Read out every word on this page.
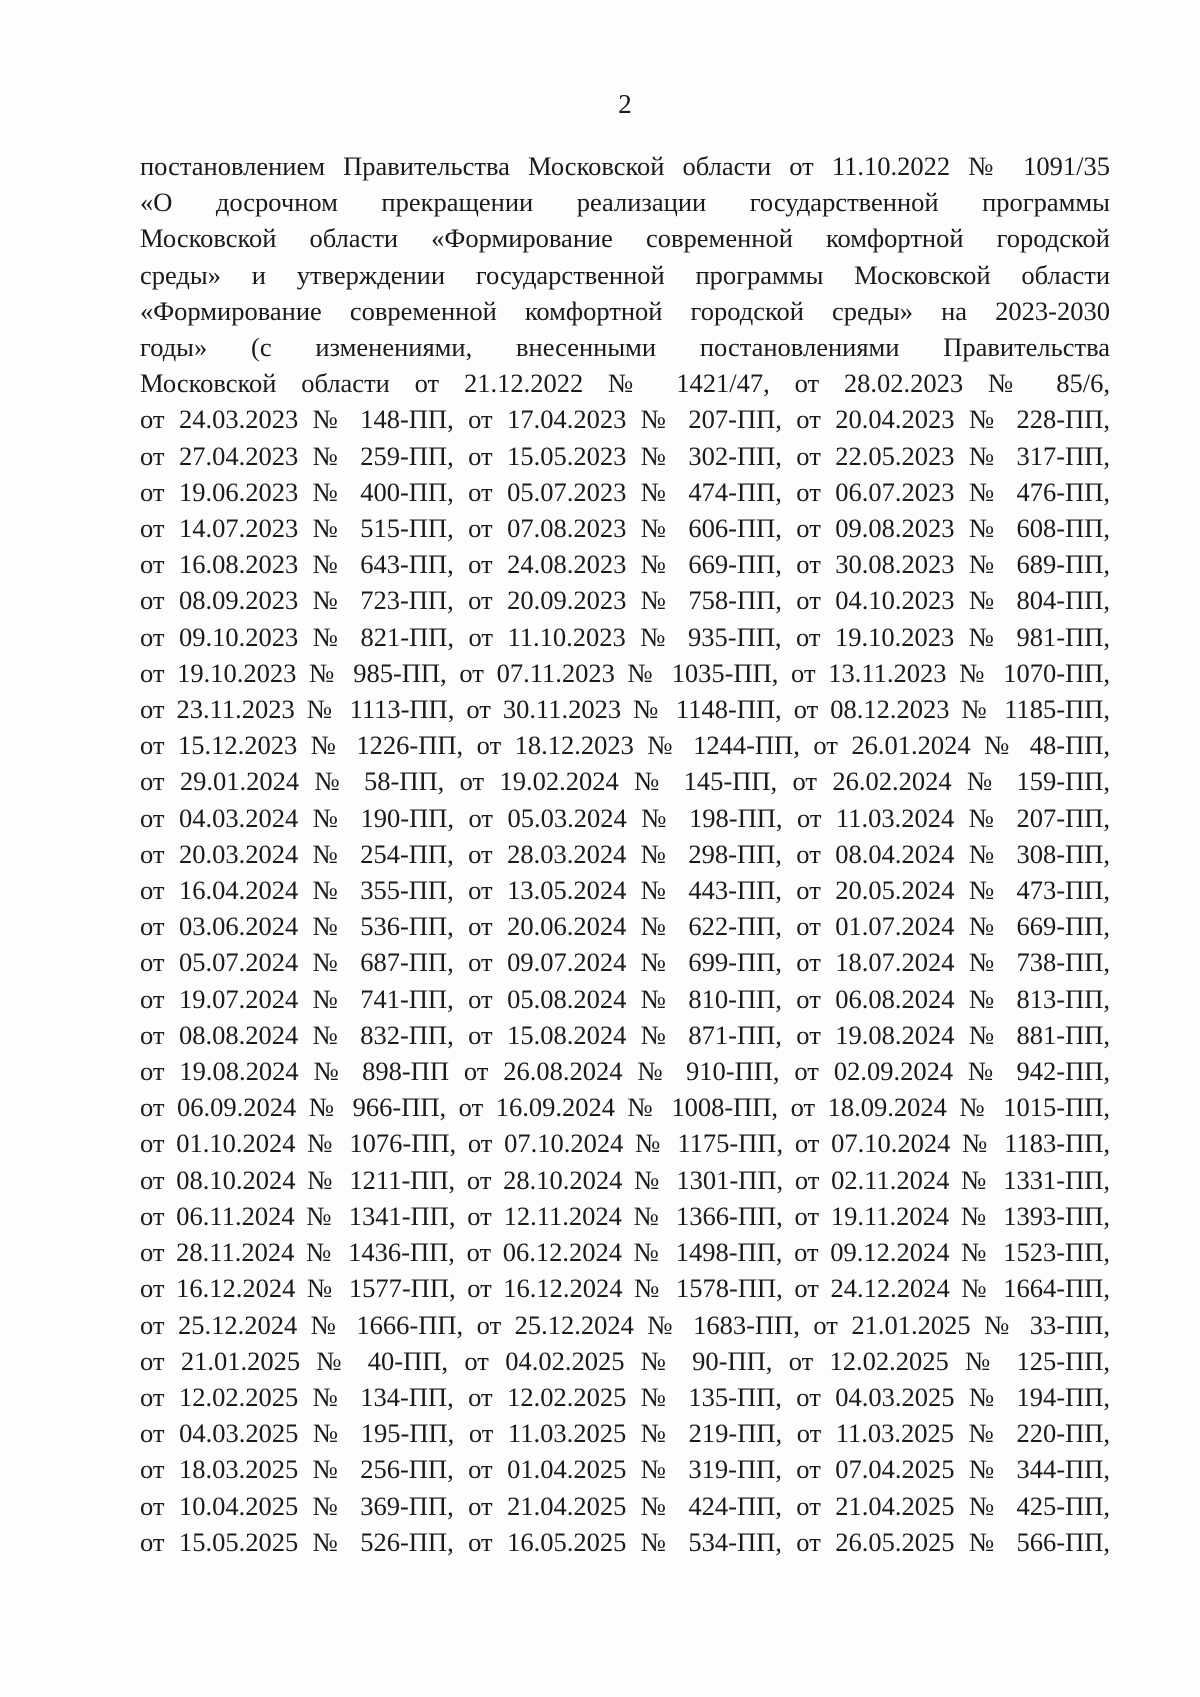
2
постановлением Правительства Московской области от 11.10.2022 № 1091/35
«О досрочном прекращении реализации государственной программы
Московской области «Формирование современной комфортной городской
среды» и утверждении государственной программы Московской области
«Формирование современной комфортной городской среды» на 2023-2030
годы» (с изменениями, внесенными постановлениями Правительства
Московской области от 21.12.2022 № 1421/47, от 28.02.2023 № 85/6,
от 24.03.2023 № 148-ПП, от 17.04.2023 № 207-ПП, от 20.04.2023 № 228-ПП,
от 27.04.2023 № 259-ПП, от 15.05.2023 № 302-ПП, от 22.05.2023 № 317-ПП,
от 19.06.2023 № 400-ПП, от 05.07.2023 № 474-ПП, от 06.07.2023 № 476-ПП,
от 14.07.2023 № 515-ПП, от 07.08.2023 № 606-ПП, от 09.08.2023 № 608-ПП,
от 16.08.2023 № 643-ПП, от 24.08.2023 № 669-ПП, от 30.08.2023 № 689-ПП,
от 08.09.2023 № 723-ПП, от 20.09.2023 № 758-ПП, от 04.10.2023 № 804-ПП,
от 09.10.2023 № 821-ПП, от 11.10.2023 № 935-ПП, от 19.10.2023 № 981-ПП,
от 19.10.2023 № 985-ПП, от 07.11.2023 № 1035-ПП, от 13.11.2023 № 1070-ПП,
от 23.11.2023 № 1113-ПП, от 30.11.2023 № 1148-ПП, от 08.12.2023 № 1185-ПП,
от 15.12.2023 № 1226-ПП, от 18.12.2023 № 1244-ПП, от 26.01.2024 № 48-ПП,
от 29.01.2024 № 58-ПП, от 19.02.2024 № 145-ПП, от 26.02.2024 № 159-ПП,
от 04.03.2024 № 190-ПП, от 05.03.2024 № 198-ПП, от 11.03.2024 № 207-ПП,
от 20.03.2024 № 254-ПП, от 28.03.2024 № 298-ПП, от 08.04.2024 № 308-ПП,
от 16.04.2024 № 355-ПП, от 13.05.2024 № 443-ПП, от 20.05.2024 № 473-ПП,
от 03.06.2024 № 536-ПП, от 20.06.2024 № 622-ПП, от 01.07.2024 № 669-ПП,
от 05.07.2024 № 687-ПП, от 09.07.2024 № 699-ПП, от 18.07.2024 № 738-ПП,
от 19.07.2024 № 741-ПП, от 05.08.2024 № 810-ПП, от 06.08.2024 № 813-ПП,
от 08.08.2024 № 832-ПП, от 15.08.2024 № 871-ПП, от 19.08.2024 № 881-ПП,
от 19.08.2024 № 898-ПП от 26.08.2024 № 910-ПП, от 02.09.2024 № 942-ПП,
от 06.09.2024 № 966-ПП, от 16.09.2024 № 1008-ПП, от 18.09.2024 № 1015-ПП,
от 01.10.2024 № 1076-ПП, от 07.10.2024 № 1175-ПП, от 07.10.2024 № 1183-ПП,
от 08.10.2024 № 1211-ПП, от 28.10.2024 № 1301-ПП, от 02.11.2024 № 1331-ПП,
от 06.11.2024 № 1341-ПП, от 12.11.2024 № 1366-ПП, от 19.11.2024 № 1393-ПП,
от 28.11.2024 № 1436-ПП, от 06.12.2024 № 1498-ПП, от 09.12.2024 № 1523-ПП,
от 16.12.2024 № 1577-ПП, от 16.12.2024 № 1578-ПП, от 24.12.2024 № 1664-ПП,
от 25.12.2024 № 1666-ПП, от 25.12.2024 № 1683-ПП, от 21.01.2025 № 33-ПП,
от 21.01.2025 № 40-ПП, от 04.02.2025 № 90-ПП, от 12.02.2025 № 125-ПП,
от 12.02.2025 № 134-ПП, от 12.02.2025 № 135-ПП, от 04.03.2025 № 194-ПП,
от 04.03.2025 № 195-ПП, от 11.03.2025 № 219-ПП, от 11.03.2025 № 220-ПП,
от 18.03.2025 № 256-ПП, от 01.04.2025 № 319-ПП, от 07.04.2025 № 344-ПП,
от 10.04.2025 № 369-ПП, от 21.04.2025 № 424-ПП, от 21.04.2025 № 425-ПП,
от 15.05.2025 № 526-ПП, от 16.05.2025 № 534-ПП, от 26.05.2025 № 566-ПП,
